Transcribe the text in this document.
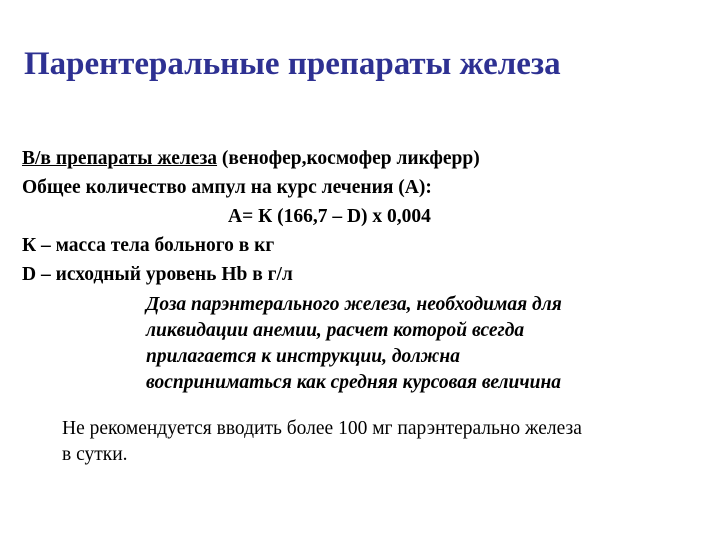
Парентеральные препараты железа
В/в препараты железа (венофер,космофер ликферр)
Общее количество ампул на курс лечения (А):
А= К (166,7 – D) х 0,004
К – масса тела больного в кг
D – исходный уровень Hb в г/л
Доза парэнтерального железа, необходимая для
ликвидации анемии, расчет которой всегда
прилагается к инструкции, должна
восприниматься как средняя курсовая величина
Не рекомендуется вводить более 100 мг парэнтерально железа
в сутки.
